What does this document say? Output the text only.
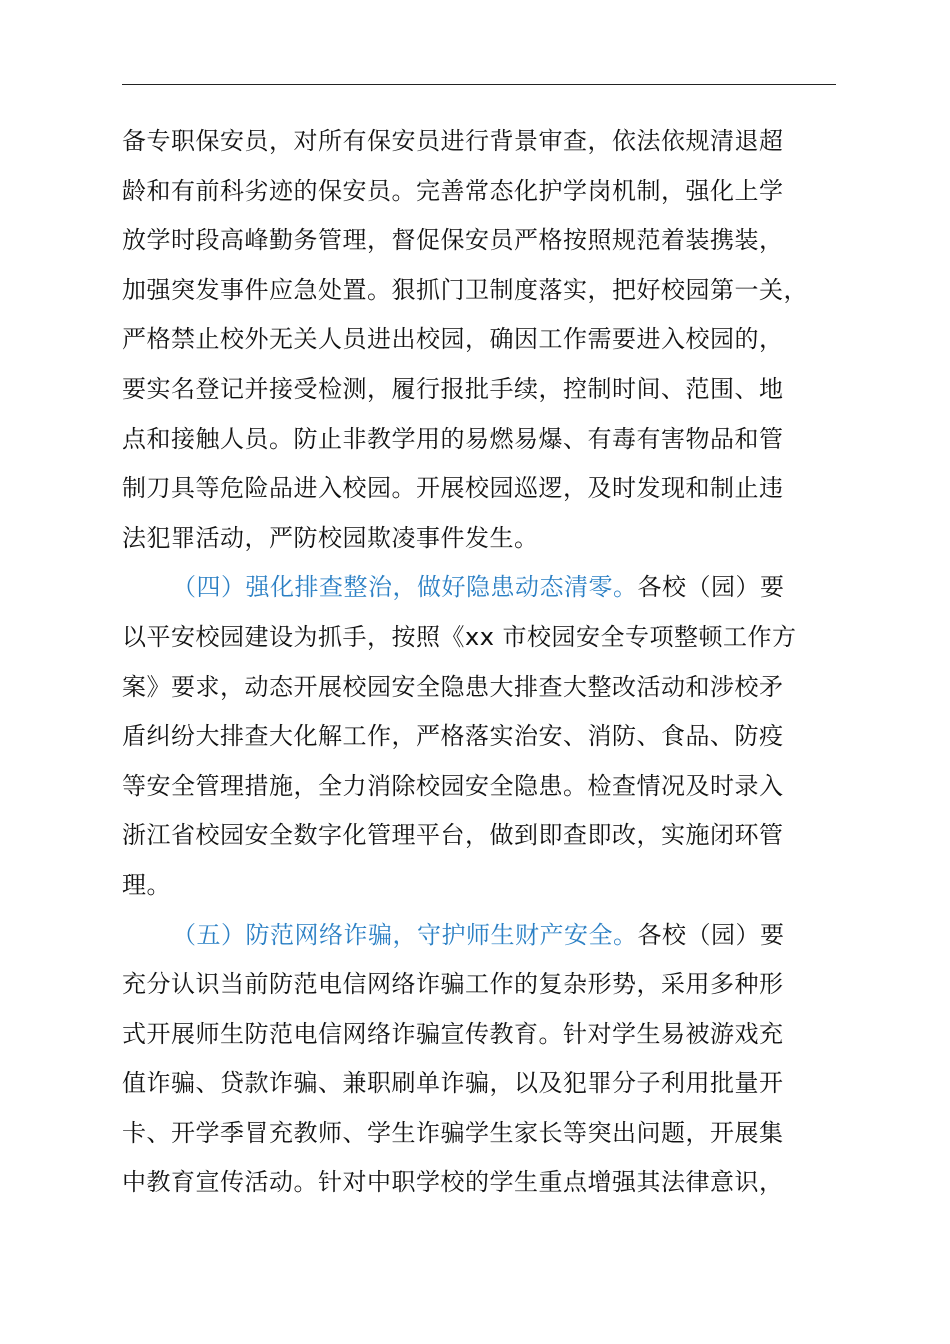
备专职保安员，对所有保安员进行背景审查，依法依规清退超
龄和有前科劣迹的保安员。完善常态化护学岗机制，强化上学
放学时段高峰勤务管理，督促保安员严格按照规范着装携装，
加强突发事件应急处置。狠抓门卫制度落实，把好校园第一关，
严格禁止校外无关人员进出校园，确因工作需要进入校园的，
要实名登记并接受检测，履行报批手续，控制时间、范围、地
点和接触人员。防止非教学用的易燃易爆、有毒有害物品和管
制刀具等危险品进入校园。开展校园巡逻，及时发现和制止违
法犯罪活动，严防校园欺凌事件发生。
（四）强化排查整治，做好隐患动态清零。各校（园）要
以平安校园建设为抓手，按照《xx 市校园安全专项整顿工作方
案》要求，动态开展校园安全隐患大排查大整改活动和涉校矛
盾纠纷大排查大化解工作，严格落实治安、消防、食品、防疫
等安全管理措施，全力消除校园安全隐患。检查情况及时录入
浙江省校园安全数字化管理平台，做到即查即改，实施闭环管
理。
（五）防范网络诈骗，守护师生财产安全。各校（园）要
充分认识当前防范电信网络诈骗工作的复杂形势，采用多种形
式开展师生防范电信网络诈骗宣传教育。针对学生易被游戏充
值诈骗、贷款诈骗、兼职刷单诈骗，以及犯罪分子利用批量开
卡、开学季冒充教师、学生诈骗学生家长等突出问题，开展集
中教育宣传活动。针对中职学校的学生重点增强其法律意识，
